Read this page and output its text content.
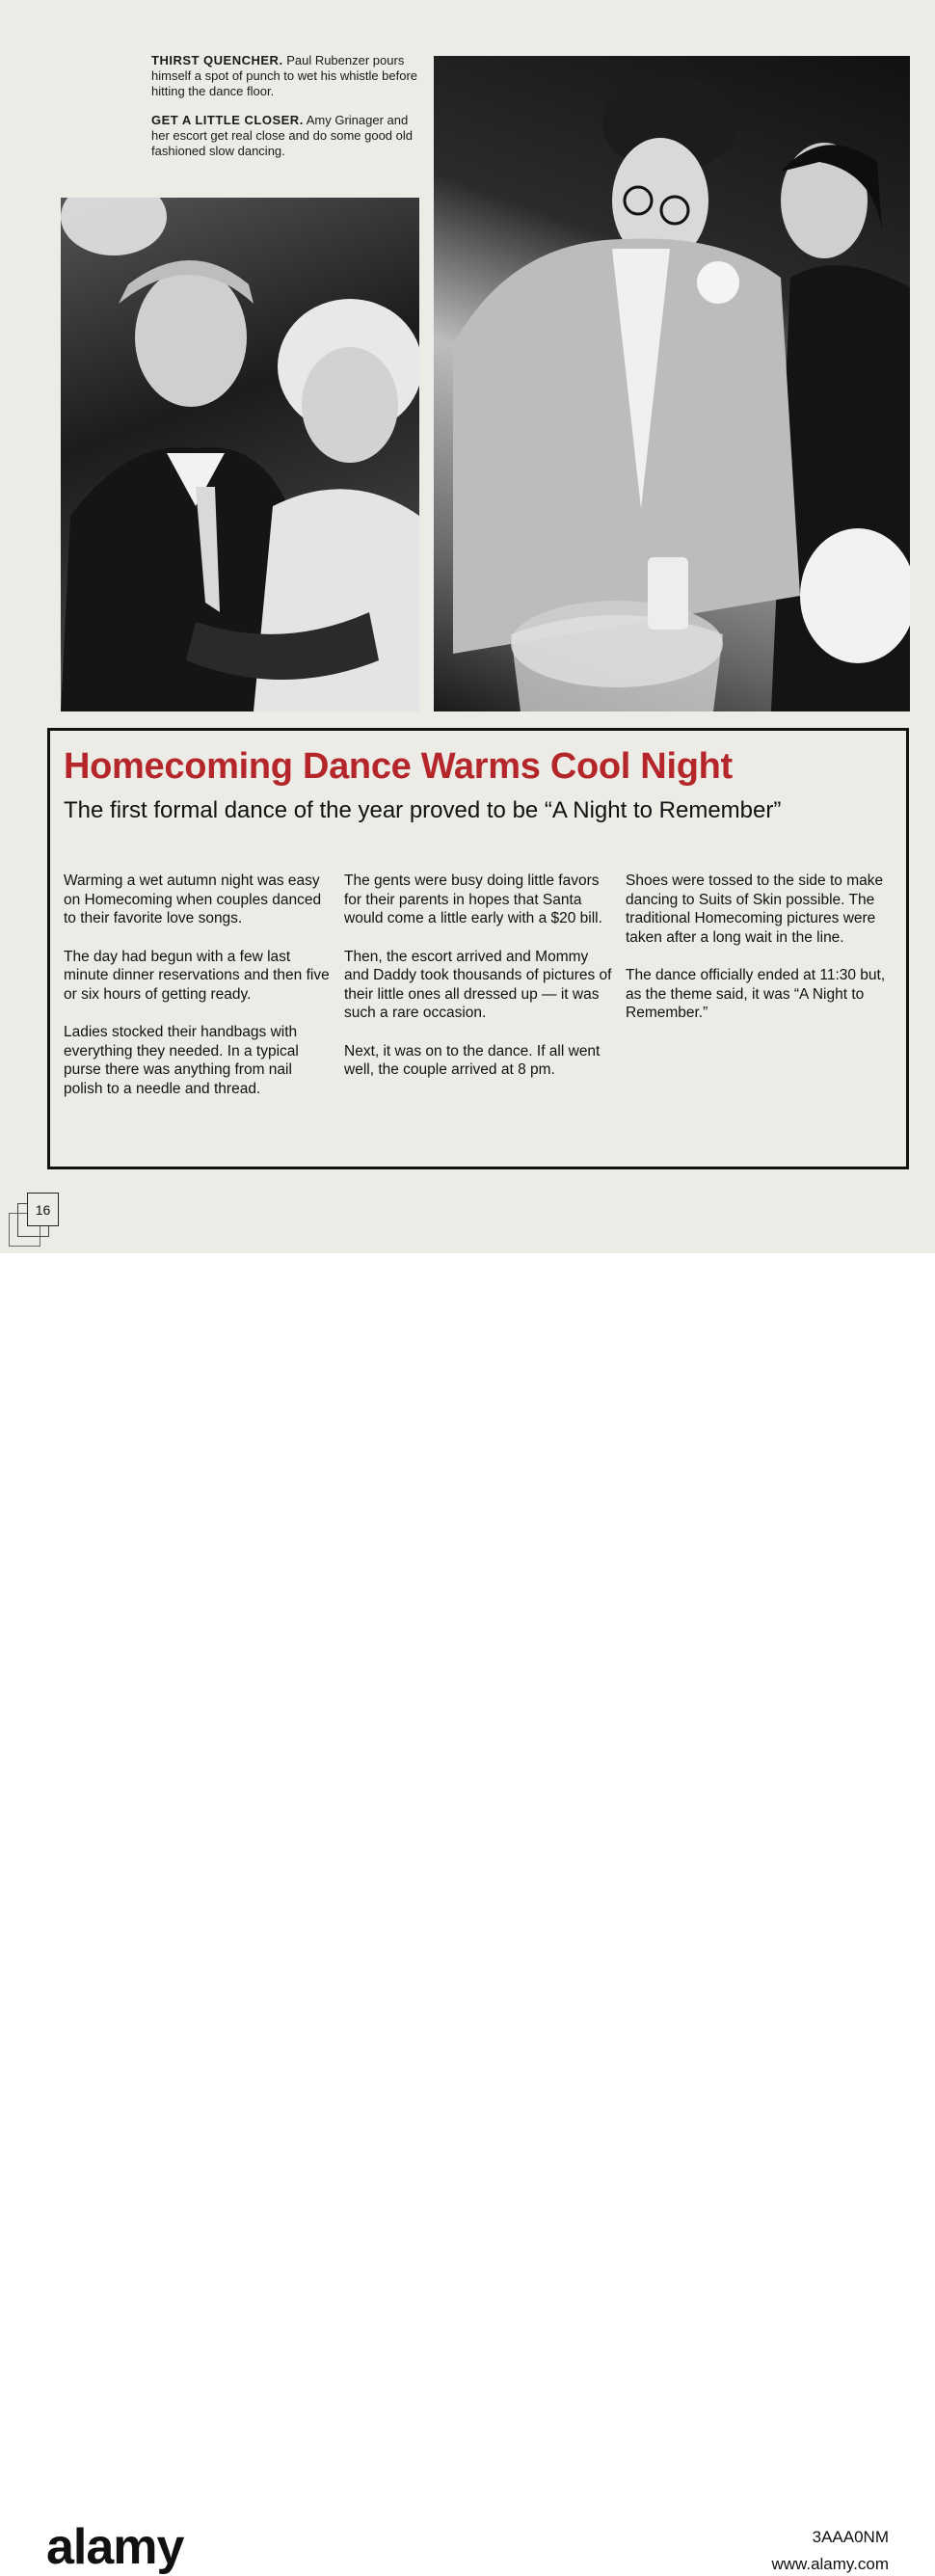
THIRST QUENCHER. Paul Rubenzer pours himself a spot of punch to wet his whistle before hitting the dance floor.

GET A LITTLE CLOSER. Amy Grinager and her escort get real close and do some good old fashioned slow dancing.

Homecoming Dance Warms Cool Night
The first formal dance of the year proved to be “A Night to Remember”

Warming a wet autumn night was easy on Homecoming when couples danced to their favorite love songs.

The day had begun with a few last minute dinner reservations and then five or six hours of getting ready.

Ladies stocked their handbags with everything they needed. In a typical purse there was anything from nail polish to a needle and thread.

The gents were busy doing little favors for their parents in hopes that Santa would come a little early with a $20 bill.

Then, the escort arrived and Mommy and Daddy took thousands of pictures of their little ones all dressed up — it was such a rare occasion.

Next, it was on to the dance. If all went well, the couple arrived at 8 pm.

Shoes were tossed to the side to make dancing to Suits of Skin possible. The traditional Homecoming pictures were taken after a long wait in the line.

The dance officially ended at 11:30 but, as the theme said, it was “A Night to Remember.”

16
alamy	3AAA0NM
www.alamy.com
